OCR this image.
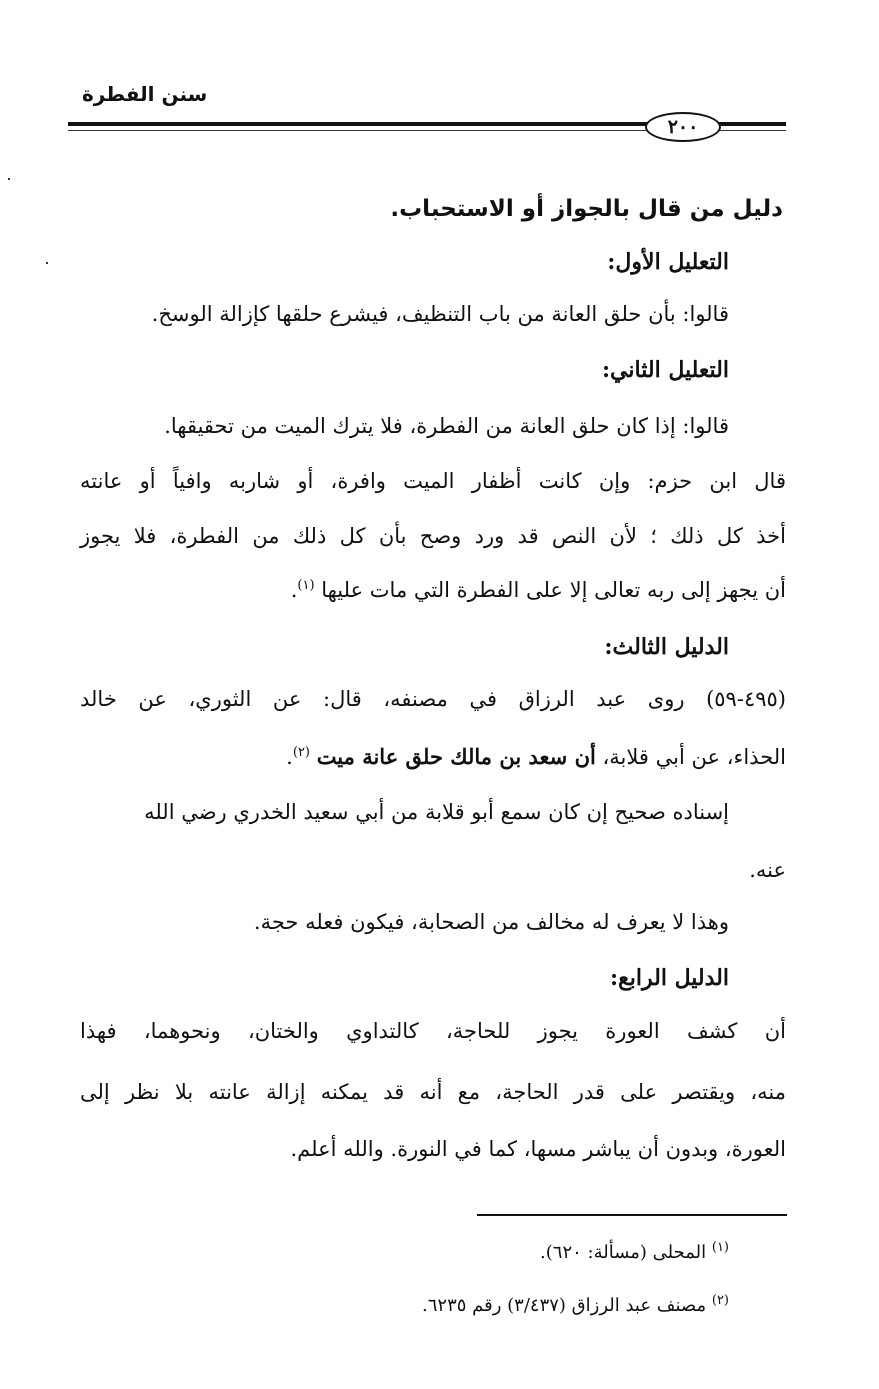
سنن الفطرة
٢٠٠
دليل من قال بالجواز أو الاستحباب.
التعليل الأول:
قالوا: بأن حلق العانة من باب التنظيف، فيشرع حلقها كإزالة الوسخ.
التعليل الثاني:
قالوا: إذا كان حلق العانة من الفطرة، فلا يترك الميت من تحقيقها.
قال ابن حزم: وإن كانت أظفار الميت وافرة، أو شاربه وافياً أو عانته
أخذ كل ذلك ؛ لأن النص قد ورد وصح بأن كل ذلك من الفطرة، فلا يجوز
أن يجهز إلى ربه تعالى إلا على الفطرة التي مات عليها $^{(١)}$.
الدليل الثالث:
(٤٩٥-٥٩) روى عبد الرزاق في مصنفه، قال: عن الثوري، عن خالد
الحذاء، عن أبي قلابة، أن سعد بن مالك حلق عانة ميت $^{(٢)}$.
إسناده صحيح إن كان سمع أبو قلابة من أبي سعيد الخدري رضي الله
عنه.
وهذا لا يعرف له مخالف من الصحابة، فيكون فعله حجة.
الدليل الرابع:
أن كشف العورة يجوز للحاجة، كالتداوي والختان، ونحوهما، فهذا
منه، ويقتصر على قدر الحاجة، مع أنه قد يمكنه إزالة عانته بلا نظر إلى
العورة، وبدون أن يباشر مسها، كما في النورة. والله أعلم.
$^{(١)}$ المحلى (مسألة: ٦٢٠).
$^{(٢)}$ مصنف عبد الرزاق (٣/٤٣٧) رقم ٦٢٣٥.
